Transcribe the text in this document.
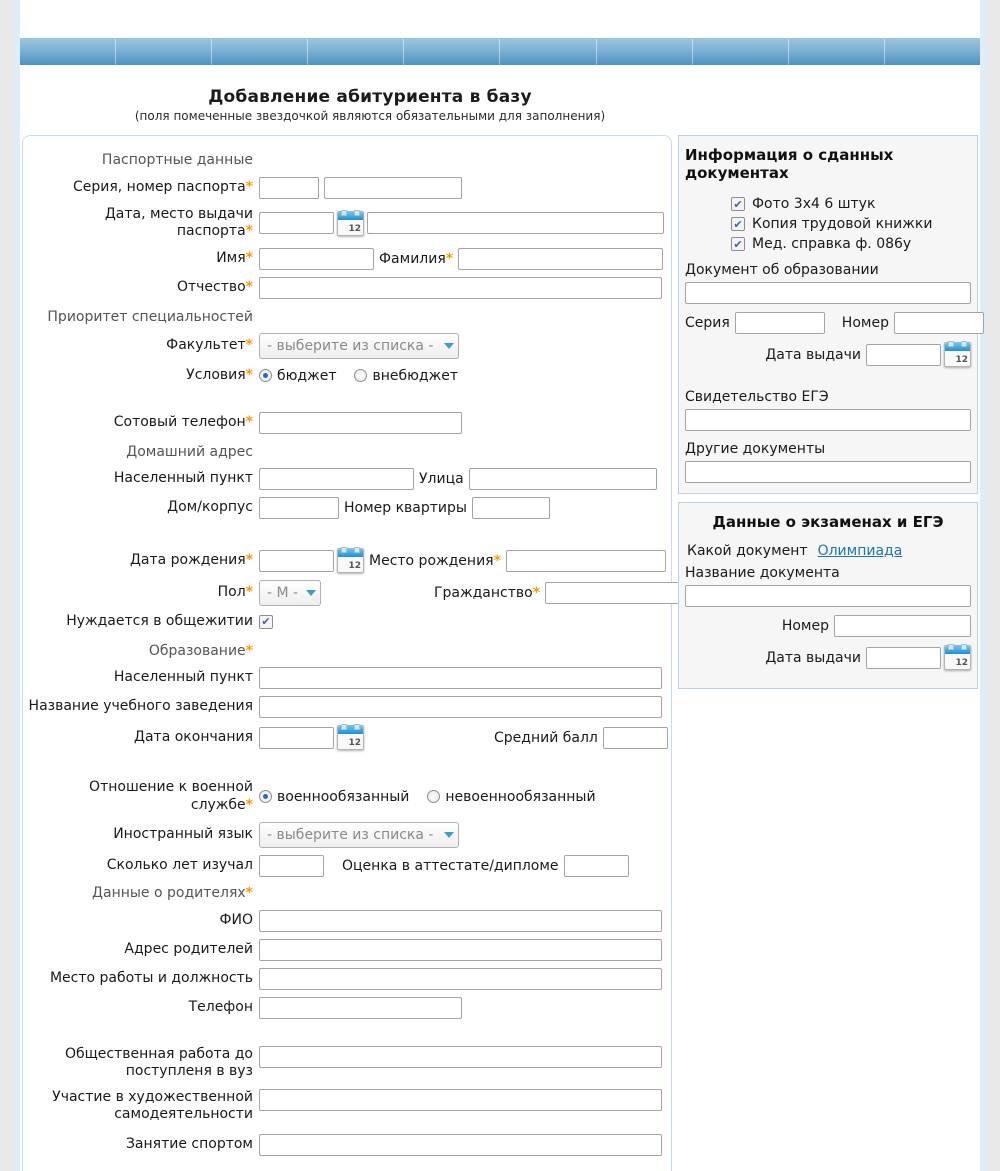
Добавление абитуриента в базу
(поля помеченные звездочкой являются обязательными для заполнения)
Паспортные данные
Серия, номер паспорта*
Дата, место выдачи паспорта*	12
Имя*	Фамилия*
Отчество*
Приоритет специальностей
Факультет*	- выберите из списка -
Условия*	бюджет	внебюджет
Сотовый телефон*
Домашний адрес
Населенный пункт	Улица
Дом/корпус	Номер квартиры
Дата рождения*	12 Место рождения*
Пол*	- М -	Гражданство*
Нуждается в общежитии ✔
Образование*
Населенный пункт
Название учебного заведения
Дата окончания	12	Средний балл
Отношение к военной службе*	военнообязанный	невоеннообязанный
Иностранный язык	- выберите из списка -
Сколько лет изучал	Оценка в аттестате/дипломе
Данные о родителях*
ФИО
Адрес родителей
Место работы и должность
Телефон
Общественная работа до поступленя в вуз
Участие в художественной самодеятельности
Занятие спортом
Информация о сданных документах
✔ Фото 3х4 6 штук
✔ Копия трудовой книжки
✔ Мед. справка ф. 086у
Документ об образовании
Серия	Номер
Дата выдачи	12
Свидетельство ЕГЭ
Другие документы
Данные о экзаменах и ЕГЭ
Какой документ Олимпиада
Название документа
Номер
Дата выдачи	12
